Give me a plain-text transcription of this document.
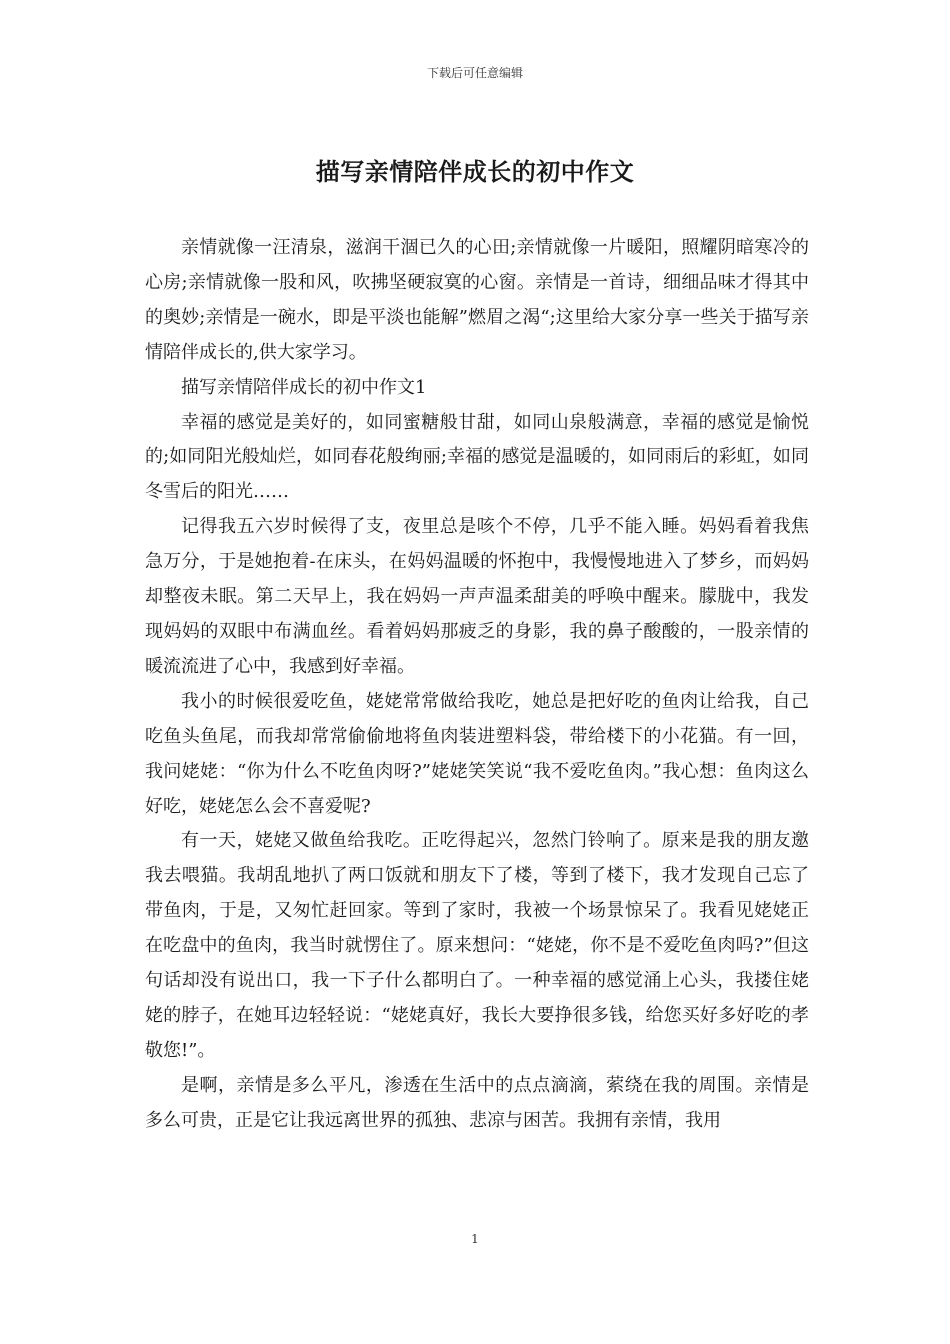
下载后可任意编辑
描写亲情陪伴成长的初中作文

亲情就像一汪清泉，滋润干涸已久的心田;亲情就像一片暖阳，照耀阴暗寒冷的心房;亲情就像一股和风，吹拂坚硬寂寞的心窗。亲情是一首诗，细细品味才得其中的奥妙;亲情是一碗水，即是平淡也能解”燃眉之渴“;这里给大家分享一些关于描写亲情陪伴成长的,供大家学习。

描写亲情陪伴成长的初中作文1

幸福的感觉是美好的，如同蜜糖般甘甜，如同山泉般满意，幸福的感觉是愉悦的;如同阳光般灿烂，如同春花般绚丽;幸福的感觉是温暖的，如同雨后的彩虹，如同冬雪后的阳光……

记得我五六岁时候得了支，夜里总是咳个不停，几乎不能入睡。妈妈看着我焦急万分，于是她抱着-在床头，在妈妈温暖的怀抱中，我慢慢地进入了梦乡，而妈妈却整夜未眠。第二天早上，我在妈妈一声声温柔甜美的呼唤中醒来。朦胧中，我发现妈妈的双眼中布满血丝。看着妈妈那疲乏的身影，我的鼻子酸酸的，一股亲情的暖流流进了心中，我感到好幸福。

我小的时候很爱吃鱼，姥姥常常做给我吃，她总是把好吃的鱼肉让给我，自己吃鱼头鱼尾，而我却常常偷偷地将鱼肉装进塑料袋，带给楼下的小花猫。有一回，我问姥姥：“你为什么不吃鱼肉呀?”姥姥笑笑说“我不爱吃鱼肉。”我心想：鱼肉这么好吃，姥姥怎么会不喜爱呢?

有一天，姥姥又做鱼给我吃。正吃得起兴，忽然门铃响了。原来是我的朋友邀我去喂猫。我胡乱地扒了两口饭就和朋友下了楼，等到了楼下，我才发现自己忘了带鱼肉，于是，又匆忙赶回家。等到了家时，我被一个场景惊呆了。我看见姥姥正在吃盘中的鱼肉，我当时就愣住了。原来想问：“姥姥，你不是不爱吃鱼肉吗?”但这句话却没有说出口，我一下子什么都明白了。一种幸福的感觉涌上心头，我搂住姥姥的脖子，在她耳边轻轻说：“姥姥真好，我长大要挣很多钱，给您买好多好吃的孝敬您!”。

是啊，亲情是多么平凡，渗透在生活中的点点滴滴，萦绕在我的周围。亲情是多么可贵，正是它让我远离世界的孤独、悲凉与困苦。我拥有亲情，我用

1
